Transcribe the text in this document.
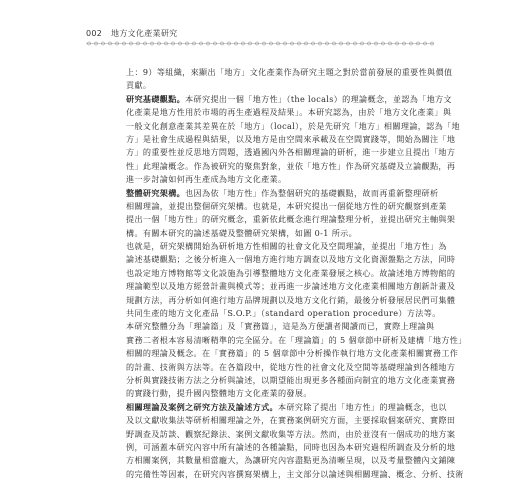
002 地方文化產業研究
上：9）等組織，來顯出「地方」文化產業作為研究主題之對於當前發展的重要性與價值
貢獻。
研究基礎觀點。本研究提出一個「地方性」（the locals）的理論概念，並認為「地方文
化產業是地方性用於市場的再生產過程及結果」。本研究認為，由於「地方文化產業」與
一般文化創意產業其差異在於「地方」（local），於是先研究「地方」相關理論，認為「地
方」是社會生成過程與結果，以及地方是由空間來承載及在空間實踐等，開始為關注「地
方」的重要性並反思地方問題，透過國內外各相關理論的研析，進一步建立且提出「地方
性」此理論概念。作為被研究的聚焦對象，並依「地方性」作為研究基礎及立論觀點，再
進一步討論如何再生產成為地方文化產業。
整體研究架構。也因為依「地方性」作為整個研究的基礎觀點，故而再重新整理研析
相關理論，並提出整個研究架構。也就是，本研究提出一個從地方性的研究觀察到產業
提出一個「地方性」的研究概念，重新依此概念進行理論整理分析，並提出研究主軸與架
構。有關本研究的論述基礎及整體研究架構，如圖 0-1 所示。
也就是，研究架構開始為研析地方性相關的社會文化及空間理論，並提出「地方性」為
論述基礎觀點；之後分析進入一個地方進行地方調查以及地方文化資源盤點之方法，同時
也設定地方博物館等文化設施為引導整體地方文化產業發展之核心。故論述地方博物館的
理論範型以及地方經營計畫與模式等；並再進一步論述地方文化產業相關地方創新計畫及
規劃方法，再分析如何進行地方品牌規劃以及地方文化行銷，最後分析發展居民們可集體
共同生產的地方文化產品「S.O.P.」（standard operation procedure）方法等。
本研究整體分為「理論篇」及「實務篇」，這是為方便讀者閱讀而已，實際上理論與
實務二者根本容易清晰精準的完全區分。在「理論篇」的 5 個章節中研析及建構「地方性」
相關的理論及概念。在「實務篇」的 5 個章節中分析操作執行地方文化產業相關實務工作
的計畫、技術與方法等。在各篇段中，從地方性的社會文化及空間等基礎理論到各種地方
分析與實踐技術方法之分析與論述，以期望能出現更多各種面向制宜的地方文化產業實務
的實踐行動，提升國內整體地方文化產業的發展。
相關理論及案例之研究方法及論述方式。本研究除了提出「地方性」的理論概念，也以
及以文獻收集法等研析相關理論之外，在實務案例研究方面，主要採取個案研究、實際田
野調查及訪談、觀察紀錄法、案例文獻收集等方法。然而，由於並沒有一個成功的地方案
例，可涵蓋本研究內容中所有論述的各種論點，同時也因為本研究過程所調查及分析的地
方相關案例，其數量相當龐大，為讓研究內容盡點更為清晰呈現，以及考量整體內文鋪陳
的完備性等因素，在研究內容撰寫架構上，主文部分以論述與相關理論、概念、分析、技術
